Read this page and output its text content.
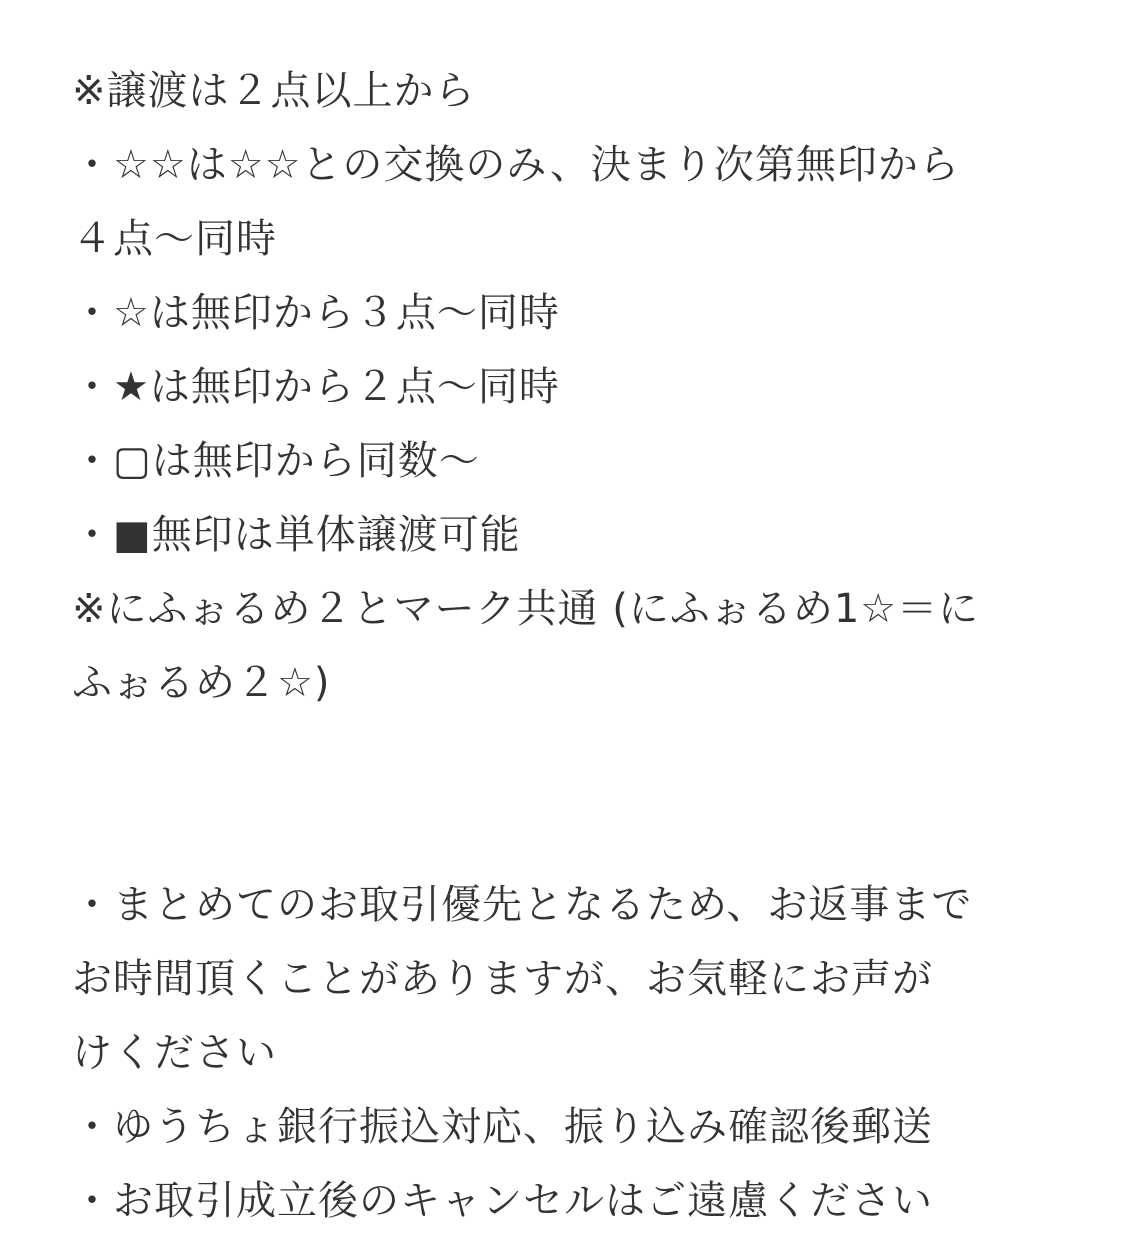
※譲渡は２点以上から
・☆☆は☆☆との交換のみ、決まり次第無印から
４点〜同時
・☆は無印から３点〜同時
・★は無印から２点〜同時
・▢は無印から同数〜
・■無印は単体譲渡可能
※にふぉるめ２とマーク共通 (にふぉるめ1☆＝に
ふぉるめ２☆)
・まとめてのお取引優先となるため、お返事まで
お時間頂くことがありますが、お気軽にお声が
けください
・ゆうちょ銀行振込対応、振り込み確認後郵送
・お取引成立後のキャンセルはご遠慮ください
